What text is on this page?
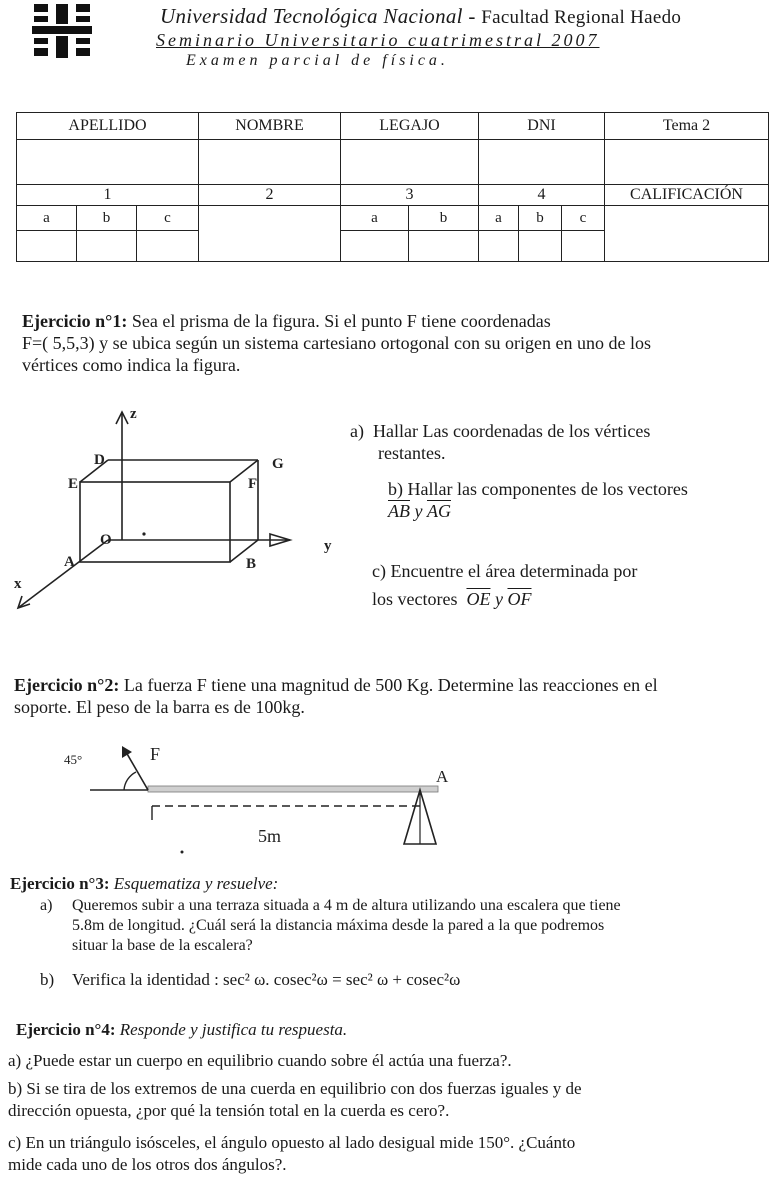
Universidad Tecnológica Nacional - Facultad Regional Haedo
Seminario Universitario cuatrimestral 2007
Examen parcial de física.
APELLIDO			NOMBRE	LEGAJO		DNI			Tema 2

1			2	3		4			CALIFICACIÓN
a	b	c		a	b	a	b	c	

Ejercicio n°1: Sea el prisma de la figura. Si el punto F tiene coordenadas
F=( 5,5,3) y se ubica según un sistema cartesiano ortogonal con su origen en uno de los
vértices como indica la figura.
z
y
x
D	G
E	F
O
A	B
a) Hallar Las coordenadas de los vértices
restantes.
b) Hallar las componentes de los vectores
$\overline{AB}$ y $\overline{AG}$
c) Encuentre el área determinada por
los vectores $\overline{OE}$ y $\overline{OF}$
Ejercicio n°2: La fuerza F tiene una magnitud de 500 Kg. Determine las reacciones en el
soporte. El peso de la barra es de 100kg.
45°	F
A
5m
Ejercicio n°3: Esquematiza y resuelve:
a)	Queremos subir a una terraza situada a 4 m de altura utilizando una escalera que tiene
5.8m de longitud. ¿Cuál será la distancia máxima desde la pared a la que podremos
situar la base de la escalera?
b)	Verifica la identidad : sec² ω. cosec²ω = sec² ω + cosec²ω
Ejercicio n°4: Responde y justifica tu respuesta.
a) ¿Puede estar un cuerpo en equilibrio cuando sobre él actúa una fuerza?.
b) Si se tira de los extremos de una cuerda en equilibrio con dos fuerzas iguales y de
dirección opuesta, ¿por qué la tensión total en la cuerda es cero?.
c) En un triángulo isósceles, el ángulo opuesto al lado desigual mide 150°. ¿Cuánto
mide cada uno de los otros dos ángulos?.
